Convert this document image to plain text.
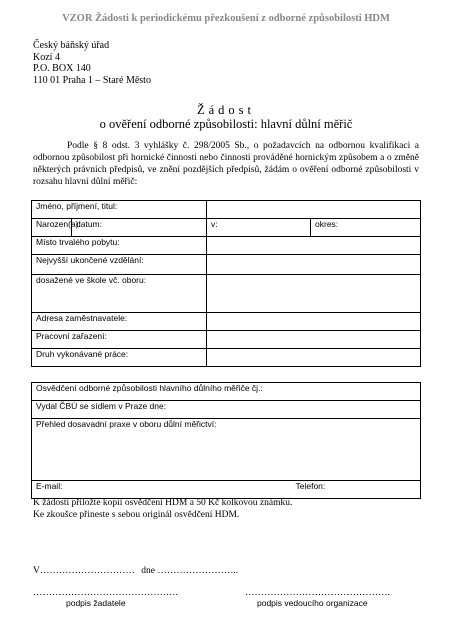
VZOR Žádosti k periodickému přezkoušení z odborné způsobilosti HDM
Český báňský úřad
Kozí 4
P.O. BOX 140
110 01 Praha 1 – Staré Město
Žádost
o ověření odborné způsobilosti: hlavní důlní měřič
Podle § 8 odst. 3 vyhlášky č. 298/2005 Sb., o požadavcích na odbornou kvalifikaci a odbornou způsobilost při hornické činnosti nebo činnosti prováděné hornickým způsobem a o změně některých právních předpisů, ve znění pozdějších předpisů, žádám o ověření odborné způsobilosti v rozsahu hlavní důlní měřič:
Jméno, příjmení, titul:			
Narozen(a):	datum:	v:	okres:
Místo trvalého pobytu:			
Nejvyšší ukončené vzdělání:			
dosažené ve škole vč. oboru:			
Adresa zaměstnavatele:			
Pracovní zařazení:			
Druh vykonávané práce:			
Osvědčení odborné způsobilosti hlavního důlního měřiče čj.:
Vydal ČBÚ se sídlem v Praze dne:
Přehled dosavadní praxe v oboru důlní měřictví:
E-mail:	Telefon:
K žádosti přiložte kopii osvědčení HDM a 50 Kč kolkovou známku.
Ke zkoušce přineste s sebou originál osvědčení HDM.
V………………………… dne ……………………..
……………………………………….	……………………………………….
podpis žadatele	podpis vedoucího organizace
